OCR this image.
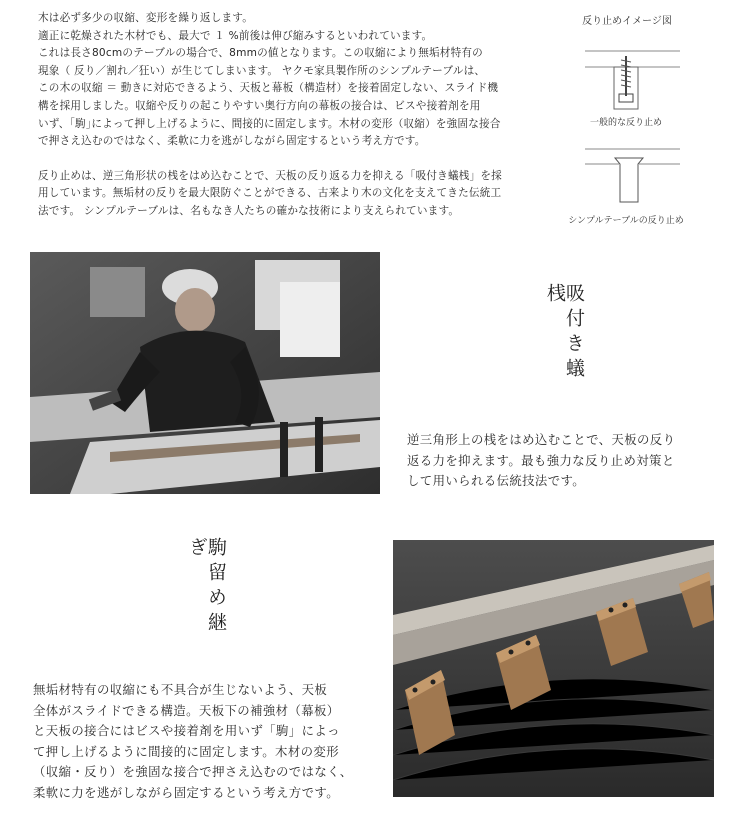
木は必ず多少の収縮、変形を繰り返します。
適正に乾燥された木材でも、最大で １ %前後は伸び縮みするといわれています。
これは長さ80cmのテーブルの場合で、8mmの値となります。この収縮により無垢材特有の
現象（ 反り／割れ／狂い）が生じてしまいます。 ヤクモ家具製作所のシンプルテーブルは、
この木の収縮 ＝ 動きに対応できるよう、天板と幕板（構造材）を接着固定しない、スライド機
構を採用しました。収縮や反りの起こりやすい奥行方向の幕板の接合は、ビスや接着剤を用
いず、｢駒｣によって押し上げるように、間接的に固定します。木材の変形（収縮）を強固な接合
で押さえ込むのではなく、柔軟に力を逃がしながら固定するという考え方です。

反り止めは、逆三角形状の桟をはめ込むことで、天板の反り返る力を抑える「吸付き蟻桟」を採
用しています。無垢材の反りを最大限防ぐことができる、古来より木の文化を支えてきた伝統工
法です。 シンプルテーブルは、名もなき人たちの確かな技術により支えられています。

反り止めイメージ図
一般的な反り止め
シンプルテーブルの反り止め
吸付き蟻桟
逆三角形上の桟をはめ込むことで、天板の反り
返る力を抑えます。最も強力な反り止め対策と
して用いられる伝統技法です。
駒留め継ぎ
無垢材特有の収縮にも不具合が生じないよう、天板
全体がスライドできる構造。天板下の補強材（幕板）
と天板の接合にはビスや接着剤を用いず「駒」によっ
て押し上げるように間接的に固定します。木材の変形
（収縮・反り）を強固な接合で押さえ込むのではなく、
柔軟に力を逃がしながら固定するという考え方です。
